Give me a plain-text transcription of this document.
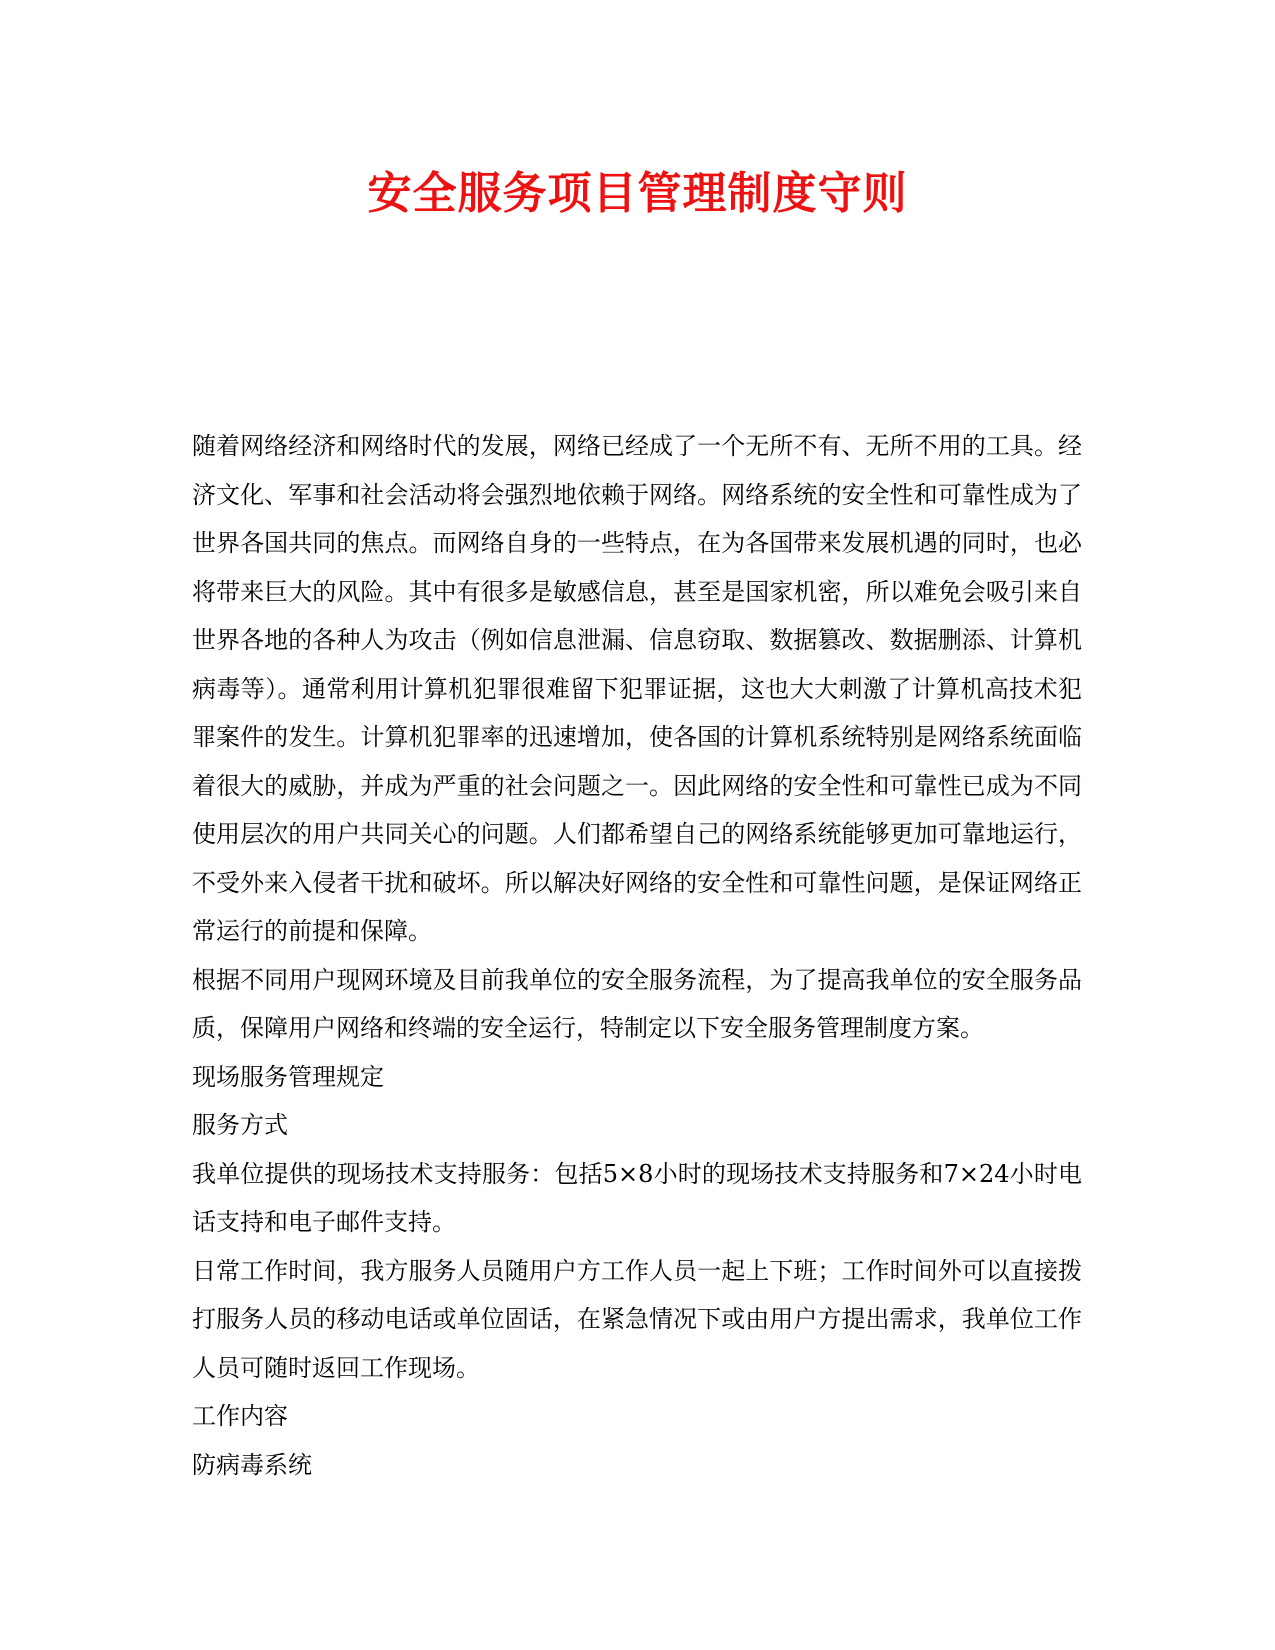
安全服务项目管理制度守则

随着网络经济和网络时代的发展，网络已经成了一个无所不有、无所不用的工具。经济文化、军事和社会活动将会强烈地依赖于网络。网络系统的安全性和可靠性成为了世界各国共同的焦点。而网络自身的一些特点，在为各国带来发展机遇的同时，也必将带来巨大的风险。其中有很多是敏感信息，甚至是国家机密，所以难免会吸引来自世界各地的各种人为攻击（例如信息泄漏、信息窃取、数据篡改、数据删添、计算机病毒等）。通常利用计算机犯罪很难留下犯罪证据，这也大大刺激了计算机高技术犯罪案件的发生。计算机犯罪率的迅速增加，使各国的计算机系统特别是网络系统面临着很大的威胁，并成为严重的社会问题之一。因此网络的安全性和可靠性已成为不同使用层次的用户共同关心的问题。人们都希望自己的网络系统能够更加可靠地运行，不受外来入侵者干扰和破坏。所以解决好网络的安全性和可靠性问题，是保证网络正常运行的前提和保障。

根据不同用户现网环境及目前我单位的安全服务流程，为了提高我单位的安全服务品质，保障用户网络和终端的安全运行，特制定以下安全服务管理制度方案。

现场服务管理规定

服务方式

我单位提供的现场技术支持服务：包括5×8小时的现场技术支持服务和7×24小时电话支持和电子邮件支持。

日常工作时间，我方服务人员随用户方工作人员一起上下班；工作时间外可以直接拨打服务人员的移动电话或单位固话，在紧急情况下或由用户方提出需求，我单位工作人员可随时返回工作现场。

工作内容

防病毒系统
